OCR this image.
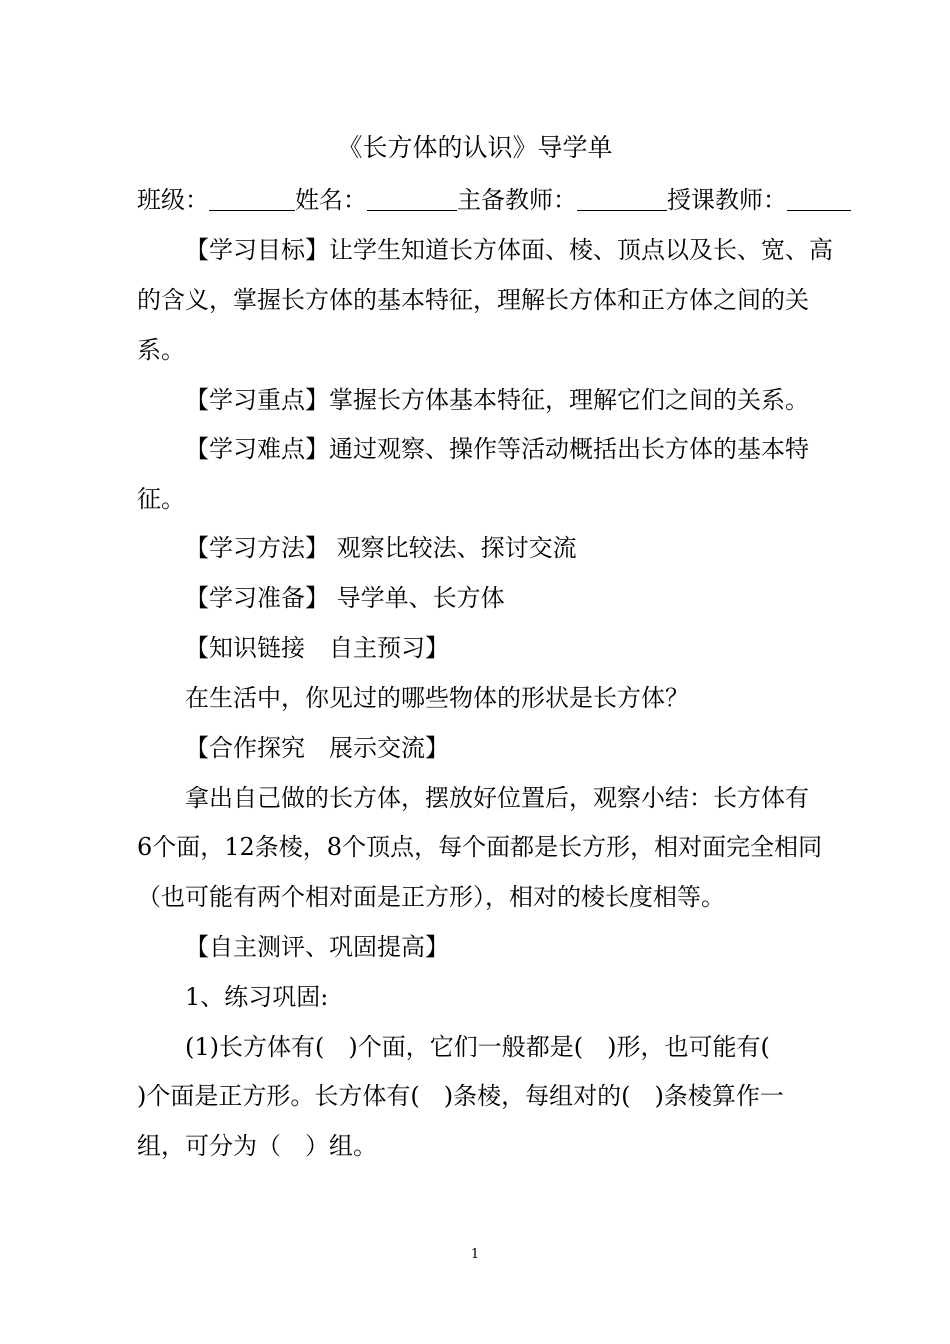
《长方体的认识》导学单
班级：	姓名：	主备教师：	授课教师：
【学习目标】让学生知道长方体面、棱、顶点以及长、宽、高
的含义，掌握长方体的基本特征，理解长方体和正方体之间的关
系。
【学习重点】掌握长方体基本特征，理解它们之间的关系。
【学习难点】通过观察、操作等活动概括出长方体的基本特
征。
【学习方法】 观察比较法、探讨交流
【学习准备】 导学单、长方体
【知识链接　自主预习】
在生活中，你见过的哪些物体的形状是长方体？
【合作探究　展示交流】
拿出自己做的长方体，摆放好位置后，观察小结：长方体有
6个面，12条棱，8个顶点，每个面都是长方形，相对面完全相同
（也可能有两个相对面是正方形），相对的棱长度相等。
【自主测评、巩固提高】
1、练习巩固:
(1)长方体有(　)个面，它们一般都是(　)形，也可能有(
)个面是正方形。长方体有(　)条棱，每组对的(　)条棱算作一
组，可分为（　）组。
1
